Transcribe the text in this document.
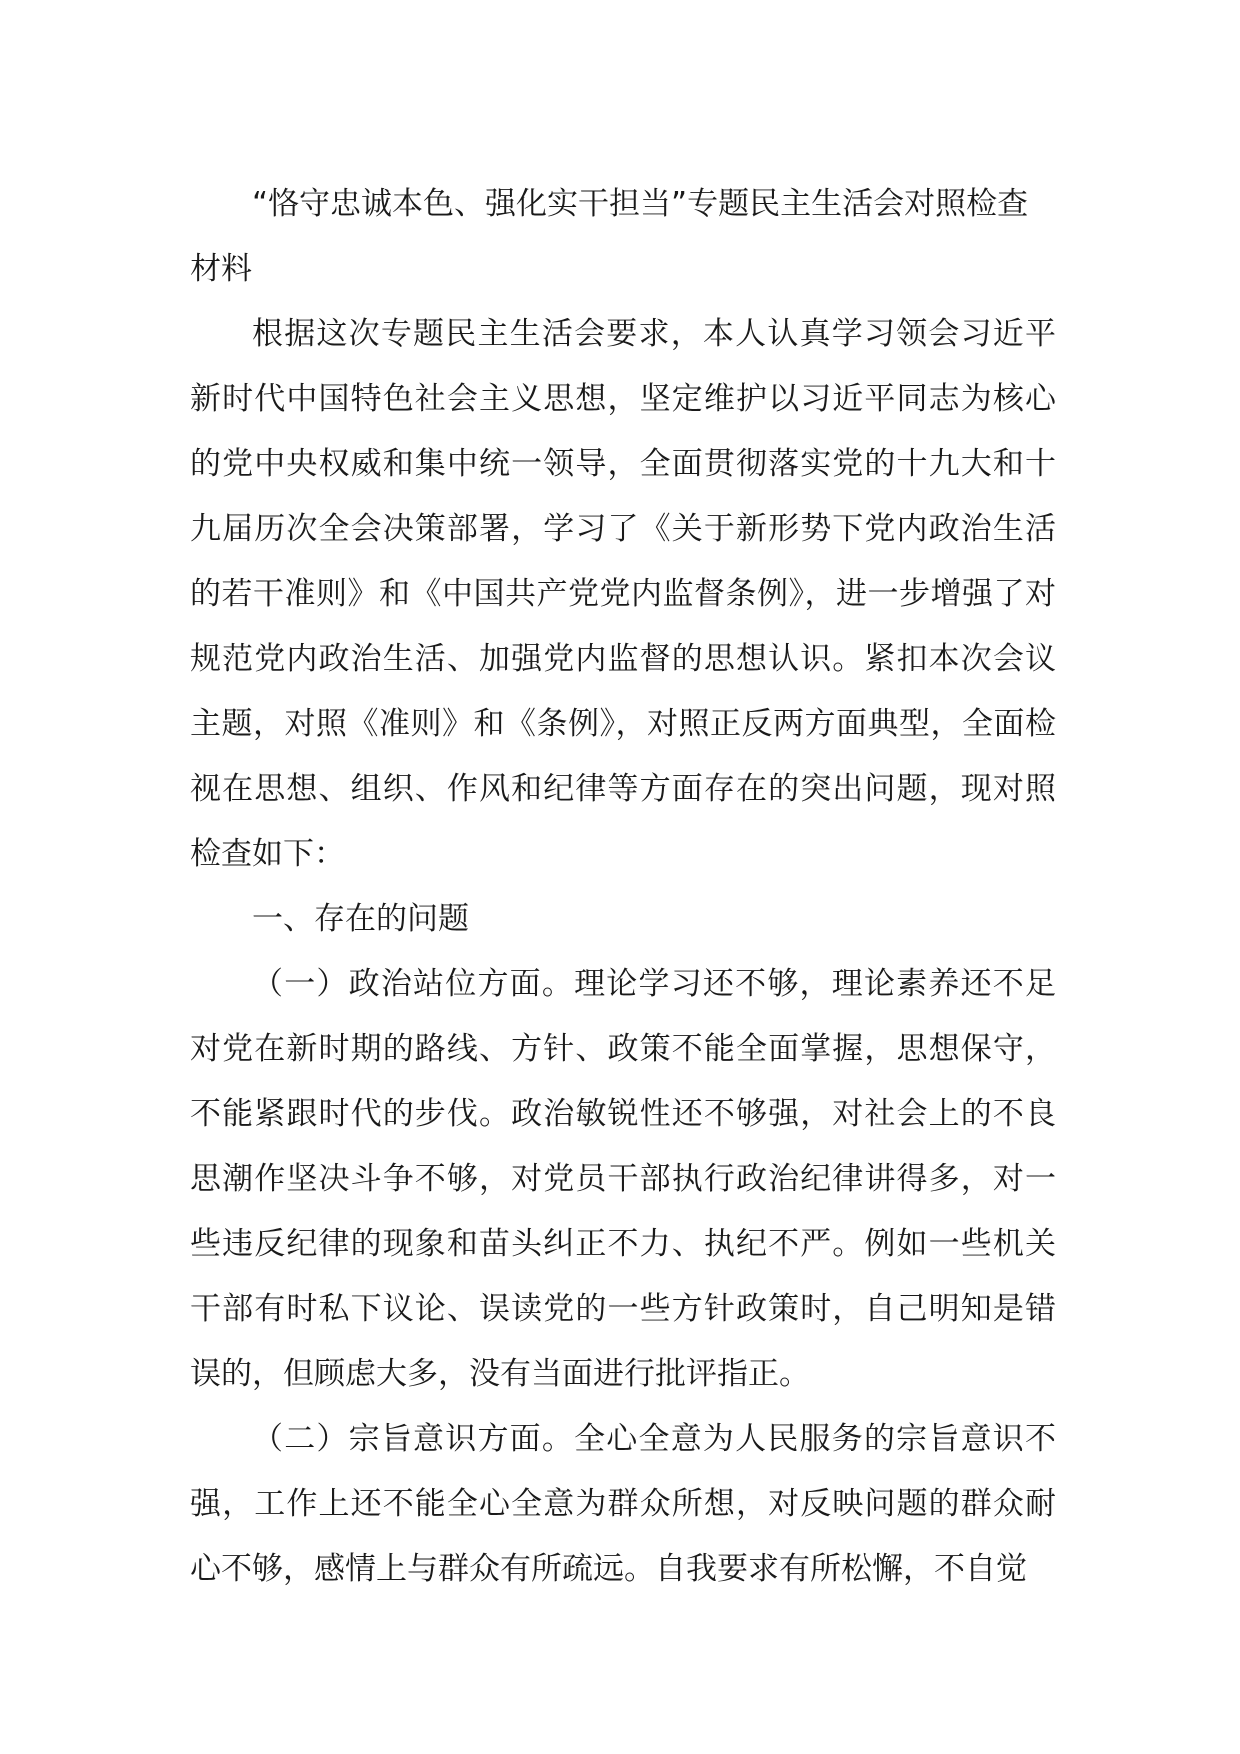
“恪守忠诚本色、强化实干担当”专题民主生活会对照检查材料

根据这次专题民主生活会要求，本人认真学习领会习近平新时代中国特色社会主义思想，坚定维护以习近平同志为核心的党中央权威和集中统一领导，全面贯彻落实党的十九大和十九届历次全会决策部署，学习了《关于新形势下党内政治生活的若干准则》和《中国共产党党内监督条例》，进一步增强了对规范党内政治生活、加强党内监督的思想认识。紧扣本次会议主题，对照《准则》和《条例》，对照正反两方面典型，全面检视在思想、组织、作风和纪律等方面存在的突出问题，现对照检查如下：

一、存在的问题

（一）政治站位方面。理论学习还不够，理论素养还不足对党在新时期的路线、方针、政策不能全面掌握，思想保守，不能紧跟时代的步伐。政治敏锐性还不够强，对社会上的不良思潮作坚决斗争不够，对党员干部执行政治纪律讲得多，对一些违反纪律的现象和苗头纠正不力、执纪不严。例如一些机关干部有时私下议论、误读党的一些方针政策时，自己明知是错误的，但顾虑大多，没有当面进行批评指正。

（二）宗旨意识方面。全心全意为人民服务的宗旨意识不强，工作上还不能全心全意为群众所想，对反映问题的群众耐心不够，感情上与群众有所疏远。自我要求有所松懈，不自觉
